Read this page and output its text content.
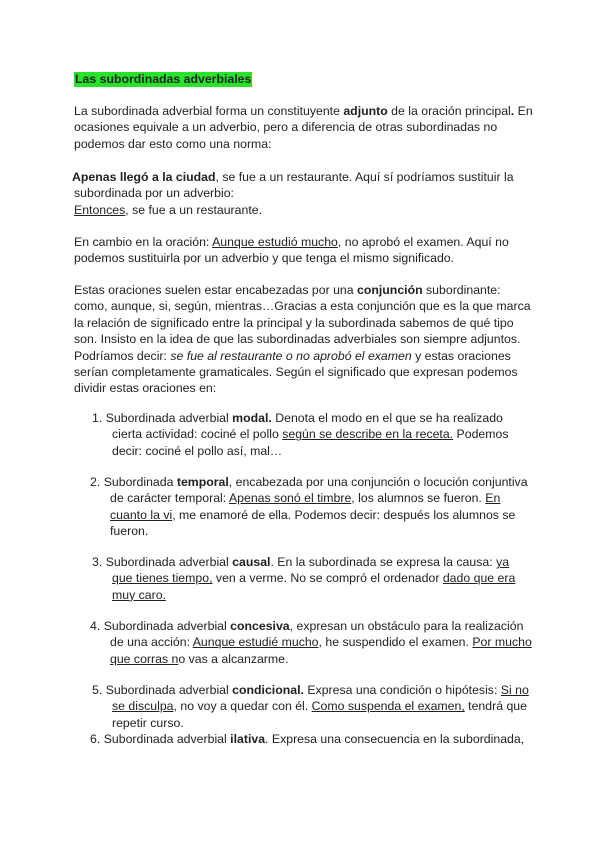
Las subordinadas adverbiales
La subordinada adverbial forma un constituyente adjunto de la oración principal. En
ocasiones equivale a un adverbio, pero a diferencia de otras subordinadas no
podemos dar esto como una norma:
Apenas llegó a la ciudad, se fue a un restaurante. Aquí sí podríamos sustituir la
subordinada por un adverbio:
Entonces, se fue a un restaurante.
En cambio en la oración: Aunque estudió mucho, no aprobó el examen. Aquí no
podemos sustituirla por un adverbio y que tenga el mismo significado.
Estas oraciones suelen estar encabezadas por una conjunción subordinante:
como, aunque, si, según, mientras…Gracias a esta conjunción que es la que marca
la relación de significado entre la principal y la subordinada sabemos de qué tipo
son. Insisto en la idea de que las subordinadas adverbiales son siempre adjuntos.
Podríamos decir: se fue al restaurante o no aprobó el examen y estas oraciones
serían completamente gramaticales. Según el significado que expresan podemos
dividir estas oraciones en:
1. Subordinada adverbial modal. Denota el modo en el que se ha realizado
cierta actividad: cociné el pollo según se describe en la receta. Podemos
decir: cociné el pollo así, mal…
2. Subordinada temporal, encabezada por una conjunción o locución conjuntiva
de carácter temporal: Apenas sonó el timbre, los alumnos se fueron. En
cuanto la vi, me enamoré de ella. Podemos decir: después los alumnos se
fueron.
3. Subordinada adverbial causal. En la subordinada se expresa la causa: ya
que tienes tiempo, ven a verme. No se compró el ordenador dado que era
muy caro.
4. Subordinada adverbial concesiva, expresan un obstáculo para la realización
de una acción: Aunque estudié mucho, he suspendido el examen. Por mucho
que corras no vas a alcanzarme.
5. Subordinada adverbial condicional. Expresa una condición o hipótesis: Si no
se disculpa, no voy a quedar con él. Como suspenda el examen, tendrá que
repetir curso.
6. Subordinada adverbial ilativa. Expresa una consecuencia en la subordinada,
